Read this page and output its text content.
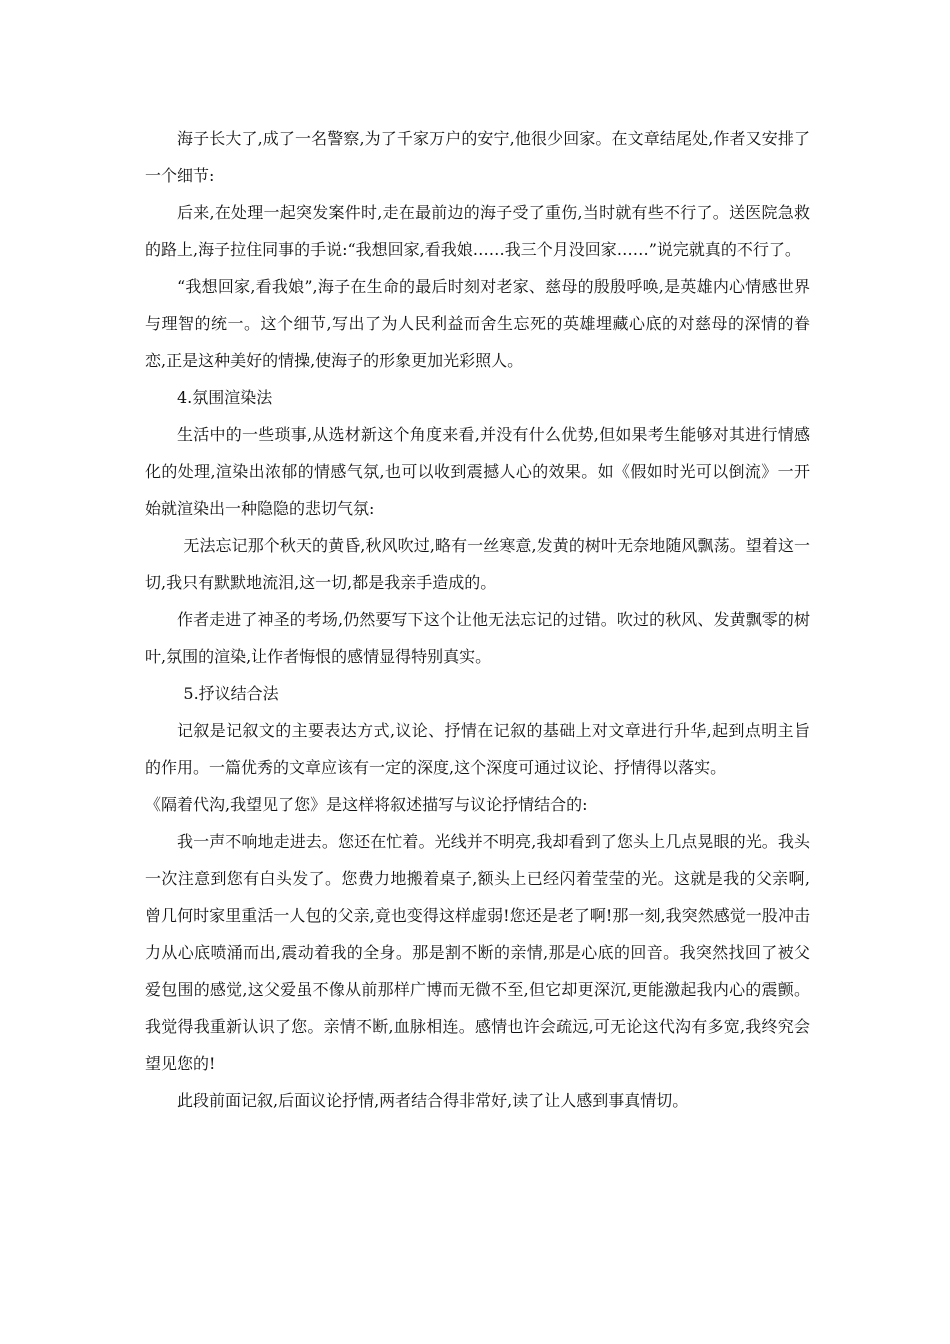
海子长大了,成了一名警察,为了千家万户的安宁,他很少回家。在文章结尾处,作者又安排了一个细节:

后来,在处理一起突发案件时,走在最前边的海子受了重伤,当时就有些不行了。送医院急救的路上,海子拉住同事的手说:“我想回家,看我娘……我三个月没回家……”说完就真的不行了。

“我想回家,看我娘”,海子在生命的最后时刻对老家、慈母的殷殷呼唤,是英雄内心情感世界与理智的统一。这个细节,写出了为人民利益而舍生忘死的英雄埋藏心底的对慈母的深情的眷恋,正是这种美好的情操,使海子的形象更加光彩照人。

4.氛围渲染法

生活中的一些琐事,从选材新这个角度来看,并没有什么优势,但如果考生能够对其进行情感化的处理,渲染出浓郁的情感气氛,也可以收到震撼人心的效果。如《假如时光可以倒流》一开始就渲染出一种隐隐的悲切气氛:

无法忘记那个秋天的黄昏,秋风吹过,略有一丝寒意,发黄的树叶无奈地随风飘荡。望着这一切,我只有默默地流泪,这一切,都是我亲手造成的。

作者走进了神圣的考场,仍然要写下这个让他无法忘记的过错。吹过的秋风、发黄飘零的树叶,氛围的渲染,让作者悔恨的感情显得特别真实。

5.抒议结合法

记叙是记叙文的主要表达方式,议论、抒情在记叙的基础上对文章进行升华,起到点明主旨的作用。一篇优秀的文章应该有一定的深度,这个深度可通过议论、抒情得以落实。

《隔着代沟,我望见了您》是这样将叙述描写与议论抒情结合的:

我一声不响地走进去。您还在忙着。光线并不明亮,我却看到了您头上几点晃眼的光。我头一次注意到您有白头发了。您费力地搬着桌子,额头上已经闪着莹莹的光。这就是我的父亲啊,曾几何时家里重活一人包的父亲,竟也变得这样虚弱!您还是老了啊!那一刻,我突然感觉一股冲击力从心底喷涌而出,震动着我的全身。那是割不断的亲情,那是心底的回音。我突然找回了被父爱包围的感觉,这父爱虽不像从前那样广博而无微不至,但它却更深沉,更能激起我内心的震颤。我觉得我重新认识了您。亲情不断,血脉相连。感情也许会疏远,可无论这代沟有多宽,我终究会望见您的!

此段前面记叙,后面议论抒情,两者结合得非常好,读了让人感到事真情切。
